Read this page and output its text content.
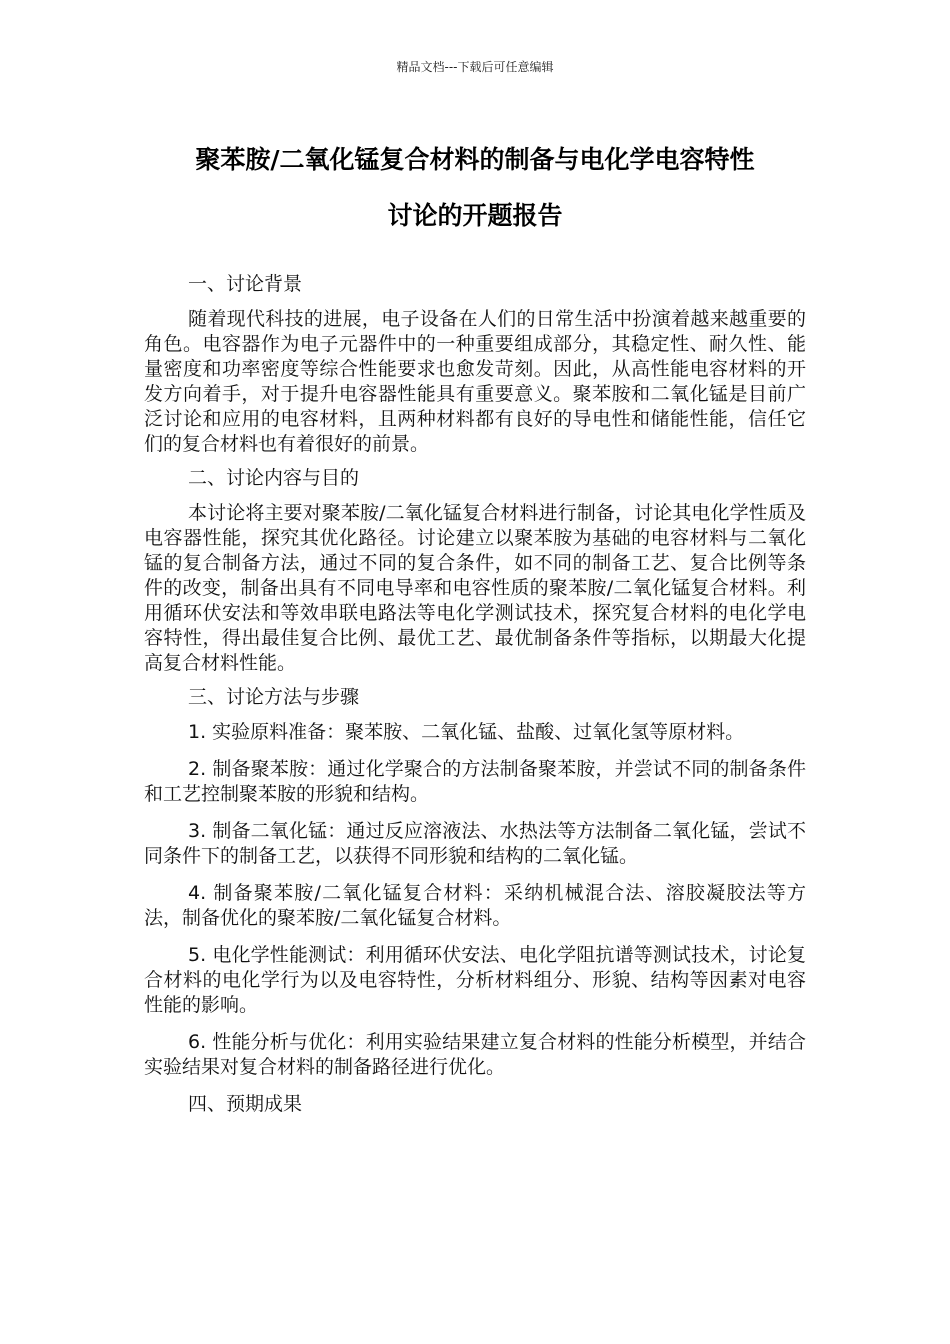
精品文档---下载后可任意编辑
聚苯胺/二氧化锰复合材料的制备与电化学电容特性
讨论的开题报告

一、讨论背景

随着现代科技的进展，电子设备在人们的日常生活中扮演着越来越重要的角色。电容器作为电子元器件中的一种重要组成部分，其稳定性、耐久性、能量密度和功率密度等综合性能要求也愈发苛刻。因此，从高性能电容材料的开发方向着手，对于提升电容器性能具有重要意义。聚苯胺和二氧化锰是目前广泛讨论和应用的电容材料，且两种材料都有良好的导电性和储能性能，信任它们的复合材料也有着很好的前景。

二、讨论内容与目的

本讨论将主要对聚苯胺/二氧化锰复合材料进行制备，讨论其电化学性质及电容器性能，探究其优化路径。讨论建立以聚苯胺为基础的电容材料与二氧化锰的复合制备方法，通过不同的复合条件，如不同的制备工艺、复合比例等条件的改变，制备出具有不同电导率和电容性质的聚苯胺/二氧化锰复合材料。利用循环伏安法和等效串联电路法等电化学测试技术，探究复合材料的电化学电容特性，得出最佳复合比例、最优工艺、最优制备条件等指标，以期最大化提高复合材料性能。

三、讨论方法与步骤

1. 实验原料准备：聚苯胺、二氧化锰、盐酸、过氧化氢等原材料。

2. 制备聚苯胺：通过化学聚合的方法制备聚苯胺，并尝试不同的制备条件和工艺控制聚苯胺的形貌和结构。

3. 制备二氧化锰：通过反应溶液法、水热法等方法制备二氧化锰，尝试不同条件下的制备工艺，以获得不同形貌和结构的二氧化锰。

4. 制备聚苯胺/二氧化锰复合材料：采纳机械混合法、溶胶凝胶法等方法，制备优化的聚苯胺/二氧化锰复合材料。

5. 电化学性能测试：利用循环伏安法、电化学阻抗谱等测试技术，讨论复合材料的电化学行为以及电容特性，分析材料组分、形貌、结构等因素对电容性能的影响。

6. 性能分析与优化：利用实验结果建立复合材料的性能分析模型，并结合实验结果对复合材料的制备路径进行优化。

四、预期成果
